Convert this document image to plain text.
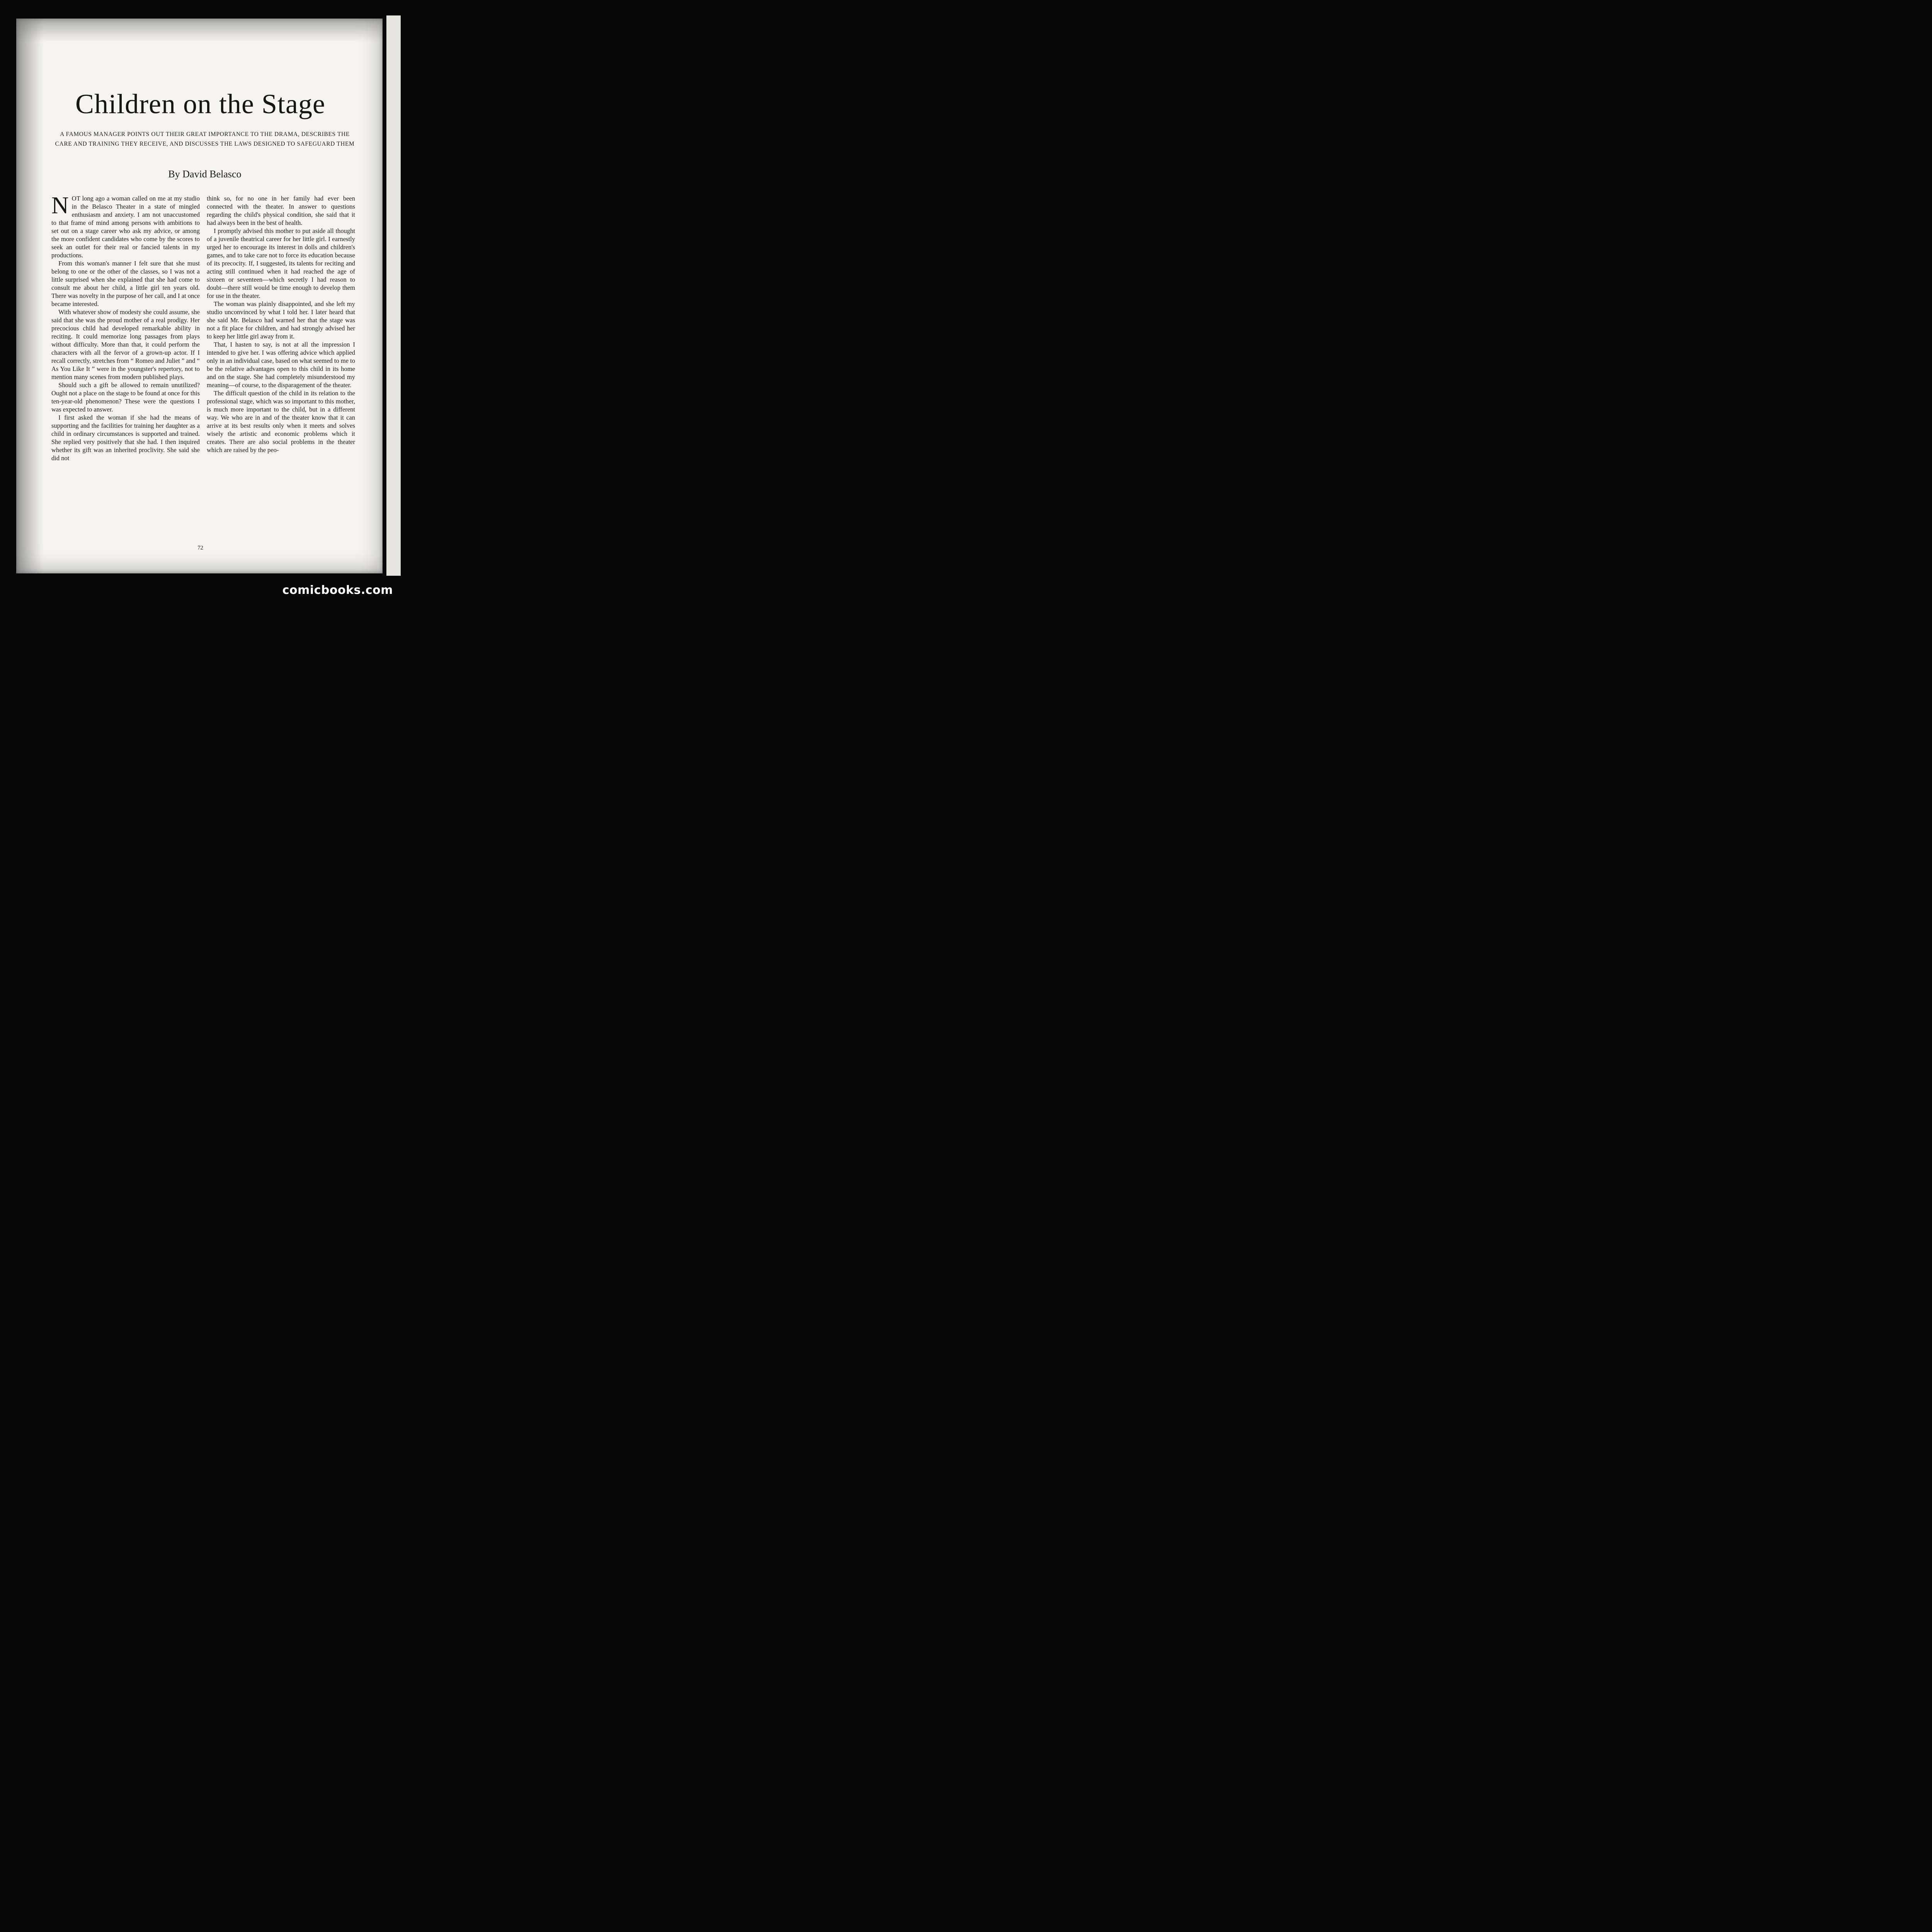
Children on the Stage

A FAMOUS MANAGER POINTS OUT THEIR GREAT IMPORTANCE TO THE DRAMA, DESCRIBES THE CARE AND TRAINING THEY RECEIVE, AND DISCUSSES THE LAWS DESIGNED TO SAFEGUARD THEM

By David Belasco

NOT long ago a woman called on me at my studio in the Belasco Theater in a state of mingled enthusiasm and anxiety. I am not unaccustomed to that frame of mind among persons with ambitions to set out on a stage career who ask my advice, or among the more confident candidates who come by the scores to seek an outlet for their real or fancied talents in my productions.

From this woman's manner I felt sure that she must belong to one or the other of the classes, so I was not a little surprised when she explained that she had come to consult me about her child, a little girl ten years old. There was novelty in the purpose of her call, and I at once became interested.

With whatever show of modesty she could assume, she said that she was the proud mother of a real prodigy. Her precocious child had developed remarkable ability in reciting. It could memorize long passages from plays without difficulty. More than that, it could perform the characters with all the fervor of a grown-up actor. If I recall correctly, stretches from “ Romeo and Juliet ” and “ As You Like It ” were in the youngster's repertory, not to mention many scenes from modern published plays.

Should such a gift be allowed to remain unutilized? Ought not a place on the stage to be found at once for this ten-year-old phenomenon? These were the questions I was expected to answer.

I first asked the woman if she had the means of supporting and the facilities for training her daughter as a child in ordinary circumstances is supported and trained. She replied very positively that she had. I then inquired whether its gift was an inherited proclivity. She said she did not

think so, for no one in her family had ever been connected with the theater. In answer to questions regarding the child's physical condition, she said that it had always been in the best of health.

I promptly advised this mother to put aside all thought of a juvenile theatrical career for her little girl. I earnestly urged her to encourage its interest in dolls and children's games, and to take care not to force its education because of its precocity. If, I suggested, its talents for reciting and acting still continued when it had reached the age of sixteen or seventeen—which secretly I had reason to doubt—there still would be time enough to develop them for use in the theater.

The woman was plainly disappointed, and she left my studio unconvinced by what I told her. I later heard that she said Mr. Belasco had warned her that the stage was not a fit place for children, and had strongly advised her to keep her little girl away from it.

That, I hasten to say, is not at all the impression I intended to give her. I was offering advice which applied only in an individual case, based on what seemed to me to be the relative advantages open to this child in its home and on the stage. She had completely misunderstood my meaning—of course, to the disparagement of the theater.

The difficult question of the child in its relation to the professional stage, which was so important to this mother, is much more important to the child, but in a different way. We who are in and of the theater know that it can arrive at its best results only when it meets and solves wisely the artistic and economic problems which it creates. There are also social problems in the theater which are raised by the peo-

72

comicbooks.com
